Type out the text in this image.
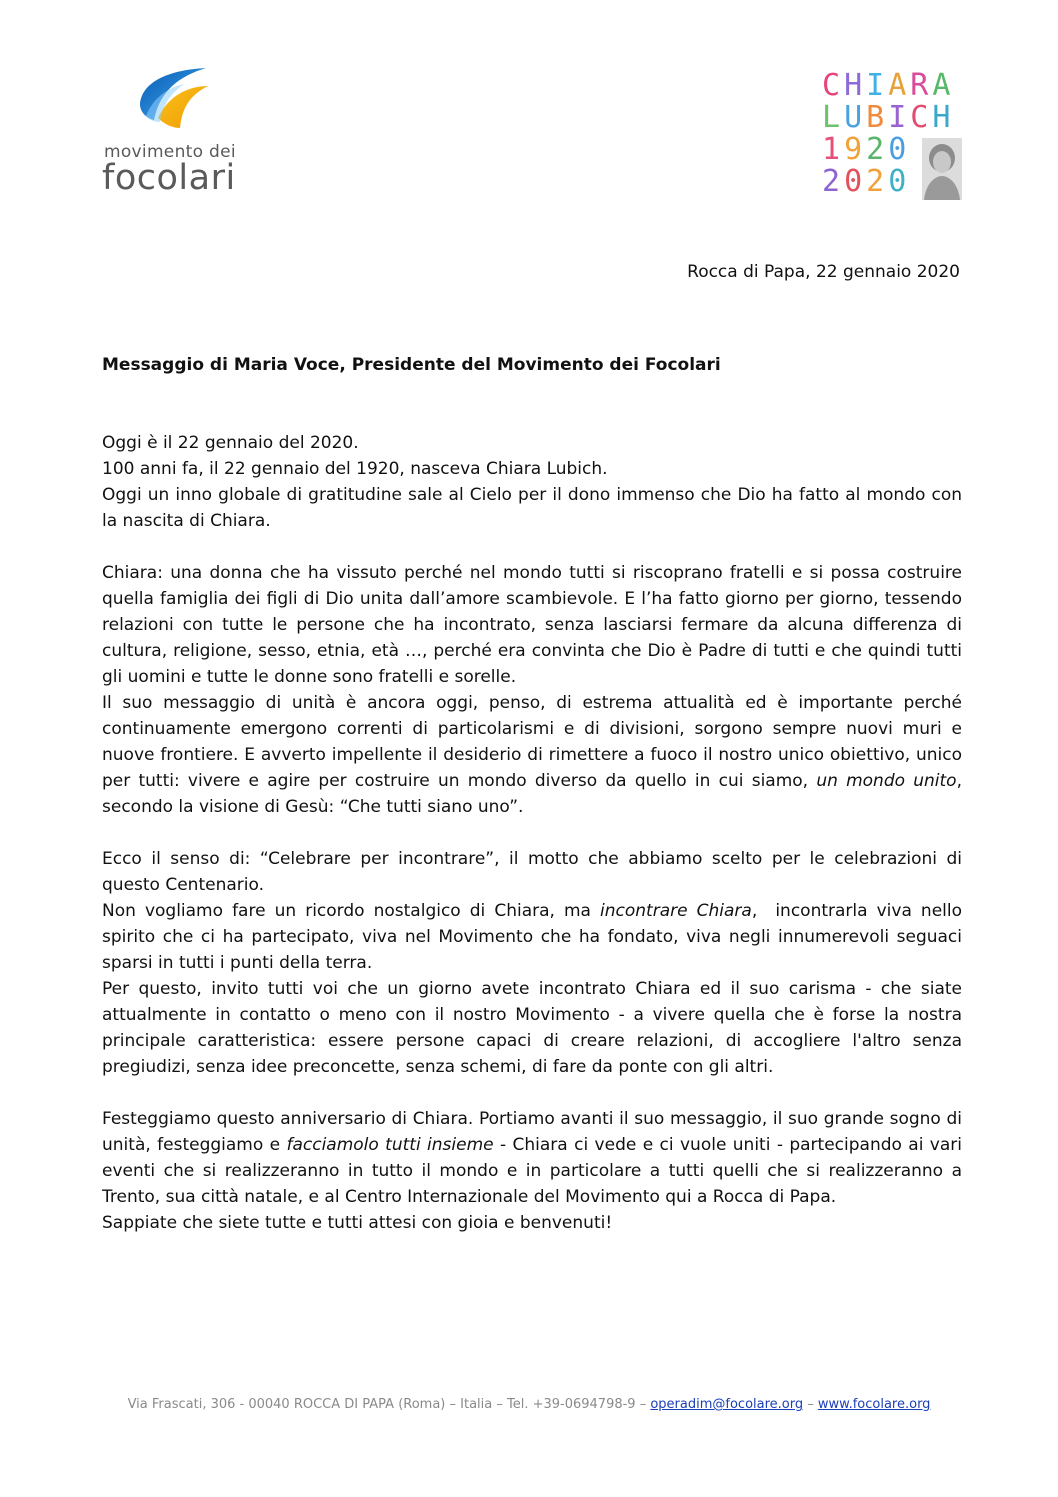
movimento dei
focolari
CHIARA
LUBICH
1920
2020
Rocca di Papa, 22 gennaio 2020
Messaggio di Maria Voce, Presidente del Movimento dei Focolari

Oggi è il 22 gennaio del 2020.

100 anni fa, il 22 gennaio del 1920, nasceva Chiara Lubich.

Oggi un inno globale di gratitudine sale al Cielo per il dono immenso che Dio ha fatto al mondo con la nascita di Chiara.

Chiara: una donna che ha vissuto perché nel mondo tutti si riscoprano fratelli e si possa costruire quella famiglia dei figli di Dio unita dall’amore scambievole. E l’ha fatto giorno per giorno, tessendo relazioni con tutte le persone che ha incontrato, senza lasciarsi fermare da alcuna differenza di cultura, religione, sesso, etnia, età …, perché era convinta che Dio è Padre di tutti e che quindi tutti gli uomini e tutte le donne sono fratelli e sorelle.

Il suo messaggio di unità è ancora oggi, penso, di estrema attualità ed è importante perché continuamente emergono correnti di particolarismi e di divisioni, sorgono sempre nuovi muri e nuove frontiere. E avverto impellente il desiderio di rimettere a fuoco il nostro unico obiettivo, unico per tutti: vivere e agire per costruire un mondo diverso da quello in cui siamo, un mondo unito, secondo la visione di Gesù: “Che tutti siano uno”.

Ecco il senso di: “Celebrare per incontrare”, il motto che abbiamo scelto per le celebrazioni di questo Centenario.

Non vogliamo fare un ricordo nostalgico di Chiara, ma incontrare Chiara,  incontrarla viva nello spirito che ci ha partecipato, viva nel Movimento che ha fondato, viva negli innumerevoli seguaci sparsi in tutti i punti della terra.

Per questo, invito tutti voi che un giorno avete incontrato Chiara ed il suo carisma - che siate attualmente in contatto o meno con il nostro Movimento - a vivere quella che è forse la nostra principale caratteristica: essere persone capaci di creare relazioni, di accogliere l'altro senza pregiudizi, senza idee preconcette, senza schemi, di fare da ponte con gli altri.

Festeggiamo questo anniversario di Chiara. Portiamo avanti il suo messaggio, il suo grande sogno di unità, festeggiamo e facciamolo tutti insieme - Chiara ci vede e ci vuole uniti - partecipando ai vari eventi che si realizzeranno in tutto il mondo e in particolare a tutti quelli che si realizzeranno a Trento, sua città natale, e al Centro Internazionale del Movimento qui a Rocca di Papa.

Sappiate che siete tutte e tutti attesi con gioia e benvenuti!

Via Frascati, 306 - 00040 ROCCA DI PAPA (Roma) – Italia – Tel. +39-0694798-9 – operadim@focolare.org – www.focolare.org
